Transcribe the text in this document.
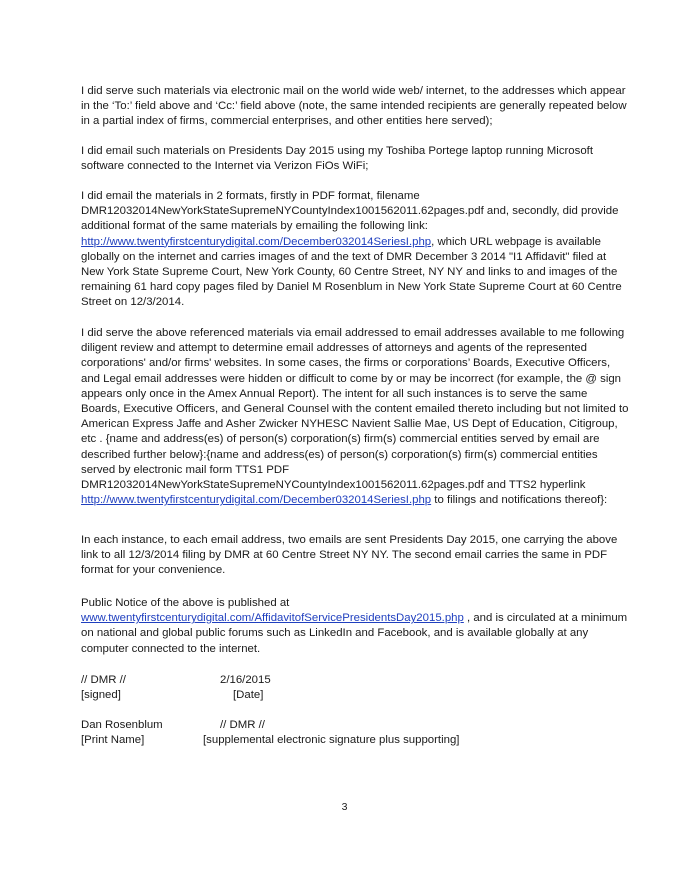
I did serve such materials via electronic mail on the world wide web/ internet, to the addresses which appear in the ‘To:’ field above and ‘Cc:’ field above (note, the same intended recipients are generally repeated below in a partial index of firms, commercial enterprises, and other entities here served);

I did email such materials on Presidents Day 2015 using my Toshiba Portege laptop running Microsoft software connected to the Internet via Verizon FiOs WiFi;

I did email the materials in 2 formats, firstly in PDF format, filename DMR12032014NewYorkStateSupremeNYCountyIndex1001562011.62pages.pdf and, secondly, did provide additional format of the same materials by emailing the following link: http://www.twentyfirstcenturydigital.com/December032014SeriesI.php, which URL webpage is available globally on the internet and carries images of and the text of DMR December 3 2014 "I1 Affidavit" filed at New York State Supreme Court, New York County, 60 Centre Street, NY NY and links to and images of the remaining 61 hard copy pages filed by Daniel M Rosenblum in New York State Supreme Court at 60 Centre Street on 12/3/2014.

I did serve the above referenced materials via email addressed to email addresses available to me following diligent review and attempt to determine email addresses of attorneys and agents of the represented corporations' and/or firms' websites. In some cases, the firms or corporations’ Boards, Executive Officers, and Legal email addresses were hidden or difficult to come by or may be incorrect (for example, the @ sign appears only once in the Amex Annual Report). The intent for all such instances is to serve the same Boards, Executive Officers, and General Counsel with the content emailed thereto including but not limited to American Express Jaffe and Asher Zwicker NYHESC Navient Sallie Mae, US Dept of Education, Citigroup, etc . {name and address(es) of person(s) corporation(s) firm(s) commercial entities served by email are described further below}:{name and address(es) of person(s) corporation(s) firm(s) commercial entities served by electronic mail form TTS1 PDF DMR12032014NewYorkStateSupremeNYCountyIndex1001562011.62pages.pdf and TTS2 hyperlink http://www.twentyfirstcenturydigital.com/December032014SeriesI.php to filings and notifications thereof}:

In each instance, to each email address, two emails are sent Presidents Day 2015, one carrying the above link to all 12/3/2014 filing by DMR at 60 Centre Street NY NY. The second email carries the same in PDF format for your convenience.

Public Notice of the above is published at www.twentyfirstcenturydigital.com/AffidavitofServicePresidentsDay2015.php , and is circulated at a minimum on national and global public forums such as LinkedIn and Facebook, and is available globally at any computer connected to the internet.

// DMR //	2/16/2015

[signed]	[Date]

Dan Rosenblum	// DMR //

[Print Name]	[supplemental electronic signature plus supporting]

3
